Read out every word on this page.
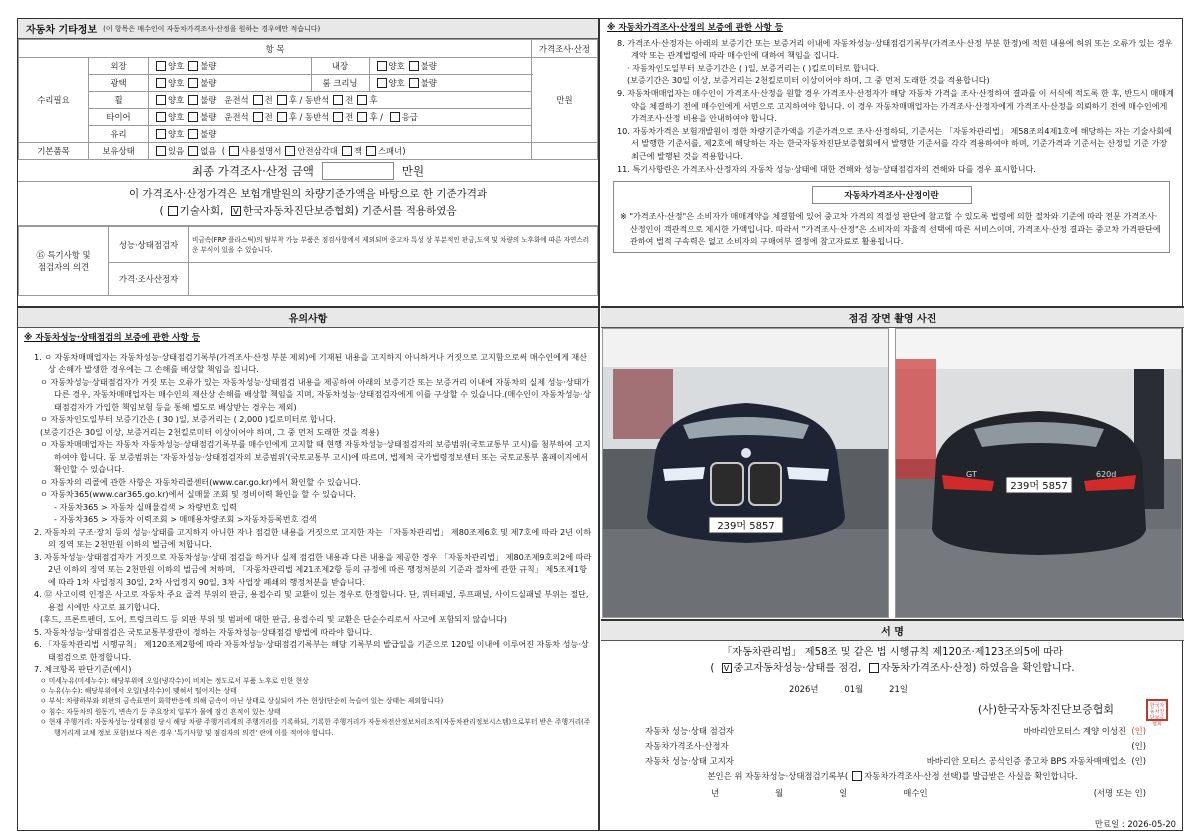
자동차 기타정보 (이 항목은 매수인이 자동차가격조사·산정을 원하는 경우에만 적습니다)
항 목					가격조사·산정
수리필요	외장	양호 불량	내장	양호 불량	만원
	광택	양호 불량	룸 크리닝	양호 불량	
	휠	양호 불량 운전석 전 후 / 동반석 전 후			
	타이어	양호 불량 운전석 전 후 / 동반석 전 후 / 응급			
	유리	양호 불량			
기본품목	보유상태	있음 없음  ( 사용설명서 안전삼각대 잭 스패너)			
최종 가격조사·산정 금액	만원
이 가격조사·산정가격은 보험개발원의 차량기준가액을 바탕으로 한 기준가격과
( 기술사회, V 한국자동차진단보증협회) 기준서를 적용하였음
⑮ 특기사항 및
점검자의 의견	성능·상태점검자	비금속(FRP 플라스틱)의 탈부착 가능 부품은 점검사항에서 제외되며 중고차 특성 상 부분적인 판금,도색 및 차량의 노후화에 따른 자연스러운 부식이 있을 수 있습니다.
	가격·조사산정자	
유의사항
※ 자동차성능·상태점검의 보증에 관한 사항 등
1. ㅇ 자동차매매업자는 자동차성능·상태점검기록부(가격조사·산정 부분 제외)에 기재된 내용을 고지하지 아니하거나 거짓으로 고지함으로써 매수인에게 재산상 손해가 발생한 경우에는 그 손해를 배상할 책임을 집니다.
ㅇ 자동차성능·상태점검자가 거짓 또는 오류가 있는 자동차성능·상태점검 내용을 제공하여 아래의 보증기간 또는 보증거리 이내에 자동차의 실제 성능·상태가 다른 경우, 자동차매매업자는 매수인의 재산상 손해를 배상할 책임을 지며, 자동차성능·상태점검자에게 이를 구상할 수 있습니다.(매수인이 자동차성능·상태점검자가 가입한 책임보험 등을 통해 별도로 배상받는 경우는 제외)
ㅇ 자동차인도일부터 보증기간은 ( 30 )일, 보증거리는 ( 2,000 )킬로미터로 합니다.
(보증기간은 30일 이상, 보증거리는 2천킬로미터 이상이어야 하며, 그 중 먼저 도래한 것을 적용)
ㅇ 자동차매매업자는 자동차 자동차성능·상태점검기록부를 매수인에게 고지할 때 현행 자동차성능·상태점검자의 보증범위(국토교통부 고시)를 첨부하여 고지하여야 합니다. 동 보증범위는 '자동차성능·상태점검자의 보증범위'(국토교통부 고시)에 따르며, 법제처 국가법령정보센터 또는 국토교통부 홈페이지에서 확인할 수 있습니다.
ㅇ 자동차의 리콜에 관한 사항은 자동차리콜센터(www.car.go.kr)에서 확인할 수 있습니다.
ㅇ 자동차365(www.car365.go.kr)에서 실매물 조회 및 정비이력 확인을 할 수 있습니다.
- 자동차365 > 자동차 실매물검색 > 차량번호 입력
- 자동차365 > 자동차 이력조회 > 매매용차량조회 >자동차등록번호 검색
2. 자동차의 구조·장치 등의 성능·상태를 고지하지 아니한 자나 점검한 내용을 거짓으로 고지한 자는 「자동차관리법」 제80조제6호 및 제7호에 따라 2년 이하의 징역 또는 2천만원 이하의 벌금에 처합니다.
3. 자동차성능·상태점검자가 거짓으로 자동차성능·상태 점검을 하거나 실제 점검한 내용과 다른 내용을 제공한 경우 「자동차관리법」 제80조제9호의2에 따라 2년 이하의 징역 또는 2천만원 이하의 벌금에 처하며, 「자동차관리법 제21조제2항 등의 규정에 따른 행정처분의 기준과 절차에 관한 규칙」 제5조제1항에 따라 1차 사업정지 30일, 2차 사업정지 90일, 3차 사업장 폐쇄의 행정처분을 받습니다.
4. ⑫ 사고이력 인정은 사고로 자동차 주요 골격 부위의 판금, 용접수리 및 교환이 있는 경우로 한정합니다. 단, 쿼터패널, 루프패널, 사이드실패널 부위는 절단, 용접 시에만 사고로 표기합니다.
(후드, 프론트펜더, 도어, 트렁크리드 등 외판 부위 및 범퍼에 대한 판금, 용접수리 및 교환은 단순수리로서 사고에 포함되지 않습니다)
5. 자동차성능·상태점검은 국토교통부장관이 정하는 자동차성능·상태점검 방법에 따라야 합니다.
6. 「자동차관리법 시행규칙」 제120조제2항에 따라 자동차성능·상태점검기록부는 해당 기록부의 발급일을 기준으로 120일 이내에 이루어진 자동차 성능·상태점검으로 한정합니다.
7. 체크항목 판단기준(예시)
ㅇ 미세누유(미세누수): 해당부위에 오일(냉각수)이 비치는 정도로서 부품 노후로 인한 현상
ㅇ 누유(누수): 해당부위에서 오일(냉각수)이 맺혀서 떨어지는 상태
ㅇ 부식: 차량하부와 외판의 금속표면이 화학반응에 의해 금속이 아닌 상태로 상실되어 가는 현상(단순히 녹슬어 있는 상태는 제외합니다)
ㅇ 침수: 자동차의 원동기, 변속기 등 주요장치 일부가 물에 잠긴 흔적이 있는 상태
ㅇ 현재 주행거리: 자동차성능·상태점검 당시 해당 차량 주행거리계의 주행거리를 기록하되, 기록한 주행거리가 자동차전산정보처리조직(자동차관리정보시스템)으로부터 받은 주행거리(주행거리계 교체 정보 포함)보다 적은 경우 '특기사항 및 점검자의 의견' 란에 이를 적어야 합니다.
※ 자동차가격조사·산정의 보증에 관한 사항 등
8. 가격조사·산정자는 아래의 보증기간 또는 보증거리 이내에 자동차성능·상태점검기록부(가격조사·산정 부분 한정)에 적힌 내용에 허위 또는 오류가 있는 경우 계약 또는 관계법령에 따라 매수인에 대하여 책임을 집니다.
· 자동차인도일부터 보증기간은 ( )일, 보증거리는 ( )킬로미터로 합니다.
(보증기간은 30일 이상, 보증거리는 2천킬로미터 이상이어야 하며, 그 중 먼저 도래한 것을 적용합니다)
9. 자동차매매업자는 매수인이 가격조사·산정을 원할 경우 가격조사·산정자가 해당 자동차 가격을 조사·산정하여 결과를 이 서식에 적도록 한 후, 반드시 매매계약을 체결하기 전에 매수인에게 서면으로 고지하여야 합니다. 이 경우 자동차매매업자는 가격조사·산정자에게 가격조사·산정을 의뢰하기 전에 매수인에게 가격조사·산정 비용을 안내하여야 합니다.
10. 자동차가격은 보험개발원이 정한 차량기준가액을 기준가격으로 조사·산정하되, 기준서는 「자동차관리법」 제58조의4제1호에 해당하는 자는 기술사회에서 발행한 기준서를, 제2호에 해당하는 자는 한국자동차진단보증협회에서 발행한 기준서를 각각 적용하여야 하며, 기준가격과 기준서는 산정일 기준 가장 최근에 발행된 것을 적용합니다.
11. 특기사항란은 가격조사·산정자의 자동차 성능·상태에 대한 견해와 성능·상태점검자의 견해와 다를 경우 표시합니다.
자동차가격조사·산정이란
※ "가격조사·산정"은 소비자가 매매계약을 체결함에 있어 중고차 가격의 적절성 판단에 참고할 수 있도록 법령에 의한 절차와 기준에 따라 전문 가격조사·산정인이 객관적으로 제시한 가액입니다. 따라서 "가격조사·산정"은 소비자의 자율적 선택에 따른 서비스이며, 가격조사·산정 결과는 중고차 가격판단에 관하여 법적 구속력은 없고 소비자의 구매여부 결정에 참고자료로 활용됩니다.
점검 장면 촬영 사진
239머 5857
GT	620d
239머 5857
서 명
「자동차관리법」 제58조 및 같은 법 시행규칙 제120조·제123조의5에 따라
( V 중고자동차성능·상태를 점검, 자동차가격조사·산정) 하였음을 확인합니다.
2026년	01월	21일
(사)한국자동차진단보증협회	한국자동차진단보증협회
자동차 성능·상태 점검자	바바리안모터스 계양 이성진 (인)
자동차가격조사·산정자	(인)
자동차 성능·상태 고지자	바바리안 모터스 공식인증 중고차 BPS 자동차매매업소 (인)
본인은 위 자동차성능·상태점검기록부( 자동차가격조사·산정 선택)를 발급받은 사실을 확인합니다.
년	월	일	매수인	(서명 또는 인)
만료일 : 2026-05-20
